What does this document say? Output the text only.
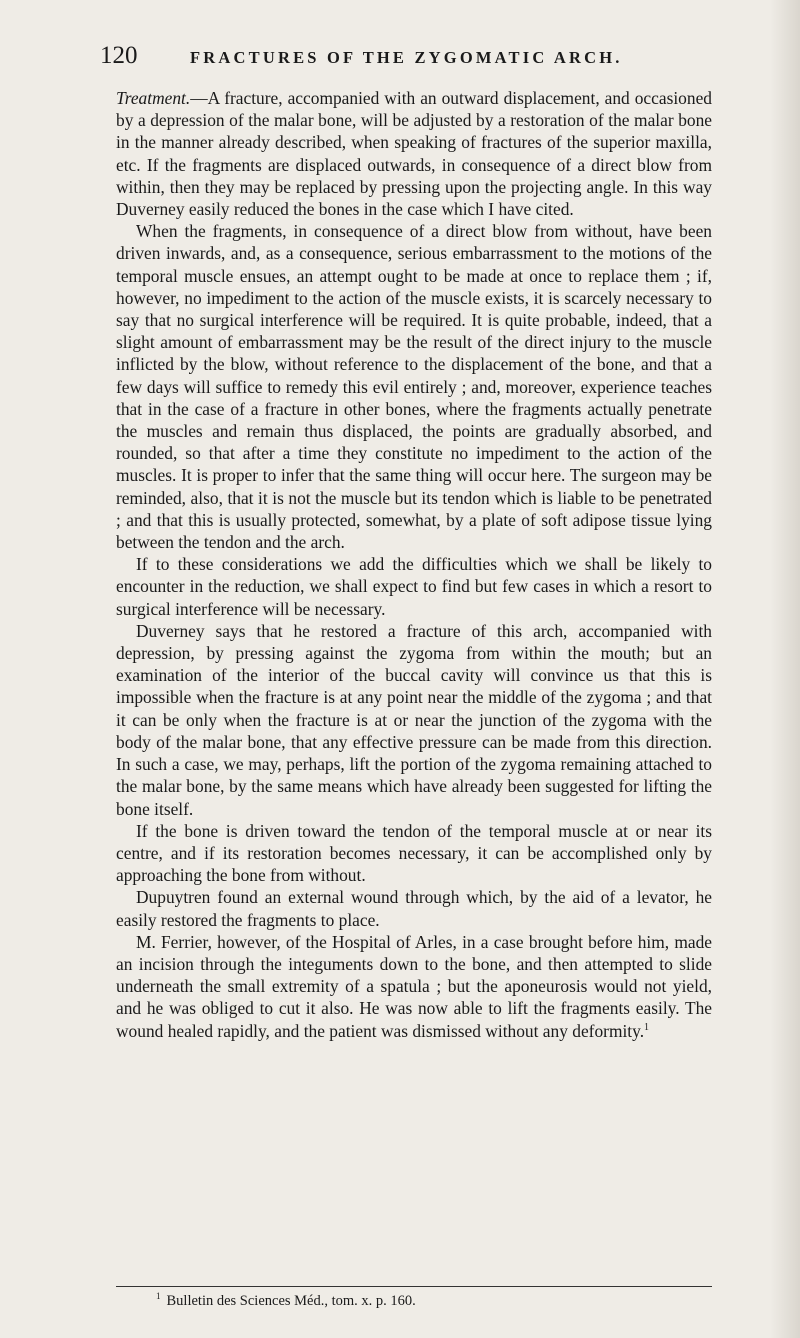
120	FRACTURES OF THE ZYGOMATIC ARCH.

Treatment.—A fracture, accompanied with an outward displacement, and occasioned by a depression of the malar bone, will be adjusted by a restoration of the malar bone in the manner already described, when speaking of fractures of the superior maxilla, etc. If the fragments are displaced outwards, in consequence of a direct blow from within, then they may be replaced by pressing upon the projecting angle. In this way Duverney easily reduced the bones in the case which I have cited.

When the fragments, in consequence of a direct blow from without, have been driven inwards, and, as a consequence, serious embarrassment to the motions of the temporal muscle ensues, an attempt ought to be made at once to replace them ; if, however, no impediment to the action of the muscle exists, it is scarcely necessary to say that no surgical interference will be required. It is quite probable, indeed, that a slight amount of embarrassment may be the result of the direct injury to the muscle inflicted by the blow, without reference to the displacement of the bone, and that a few days will suffice to remedy this evil entirely ; and, moreover, experience teaches that in the case of a fracture in other bones, where the fragments actually penetrate the muscles and remain thus displaced, the points are gradually absorbed, and rounded, so that after a time they constitute no impediment to the action of the muscles. It is proper to infer that the same thing will occur here. The surgeon may be reminded, also, that it is not the muscle but its tendon which is liable to be penetrated ; and that this is usually protected, somewhat, by a plate of soft adipose tissue lying between the tendon and the arch.

If to these considerations we add the difficulties which we shall be likely to encounter in the reduction, we shall expect to find but few cases in which a resort to surgical interference will be necessary.

Duverney says that he restored a fracture of this arch, accompanied with depression, by pressing against the zygoma from within the mouth; but an examination of the interior of the buccal cavity will convince us that this is impossible when the fracture is at any point near the middle of the zygoma ; and that it can be only when the fracture is at or near the junction of the zygoma with the body of the malar bone, that any effective pressure can be made from this direction. In such a case, we may, perhaps, lift the portion of the zygoma remaining attached to the malar bone, by the same means which have already been suggested for lifting the bone itself.

If the bone is driven toward the tendon of the temporal muscle at or near its centre, and if its restoration becomes necessary, it can be accomplished only by approaching the bone from without.

Dupuytren found an external wound through which, by the aid of a levator, he easily restored the fragments to place.

M. Ferrier, however, of the Hospital of Arles, in a case brought before him, made an incision through the integuments down to the bone, and then attempted to slide underneath the small extremity of a spatula ; but the aponeurosis would not yield, and he was obliged to cut it also. He was now able to lift the fragments easily. The wound healed rapidly, and the patient was dismissed without any deformity.$^1$

$^1$ Bulletin des Sciences Méd., tom. x. p. 160.
